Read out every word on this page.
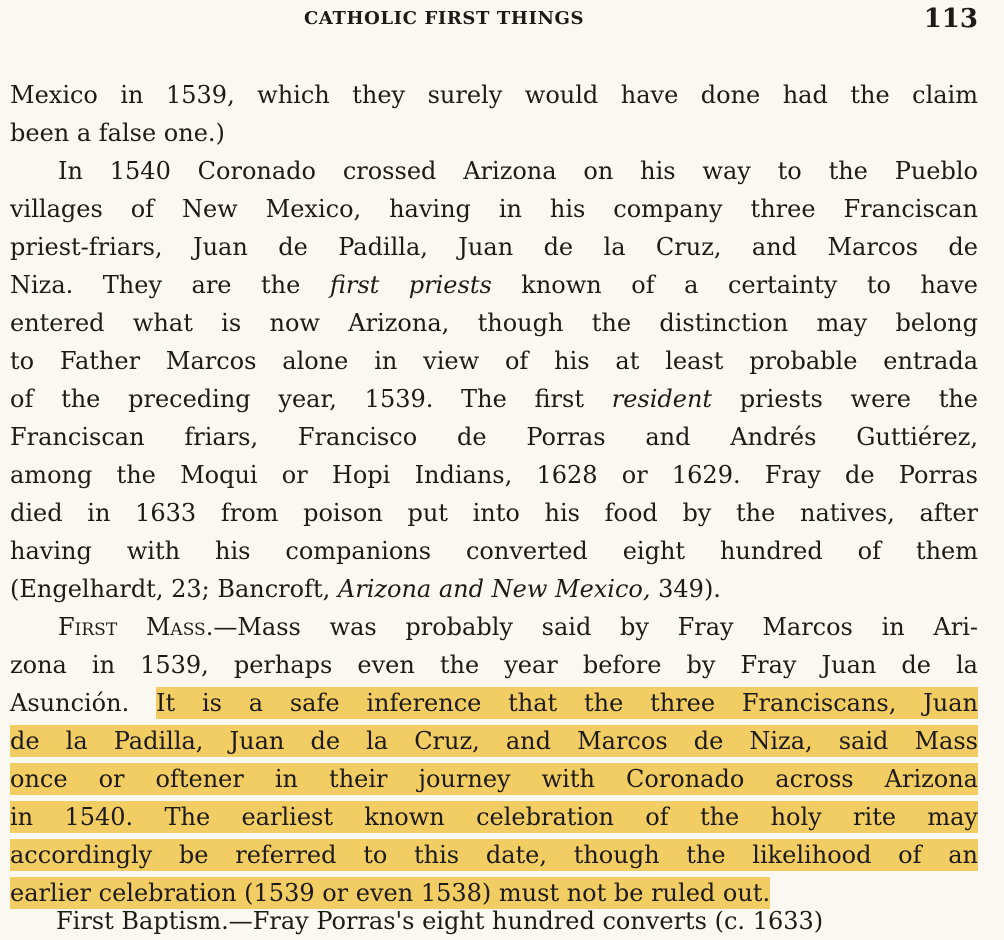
CATHOLIC FIRST THINGS	113
Mexico in 1539, which they surely would have done had the claim
been a false one.)
In 1540 Coronado crossed Arizona on his way to the Pueblo
villages of New Mexico, having in his company three Franciscan
priest-friars, Juan de Padilla, Juan de la Cruz, and Marcos de
Niza. They are the first priests known of a certainty to have
entered what is now Arizona, though the distinction may belong
to Father Marcos alone in view of his at least probable entrada
of the preceding year, 1539. The first resident priests were the
Franciscan friars, Francisco de Porras and Andrés Guttiérez,
among the Moqui or Hopi Indians, 1628 or 1629. Fray de Porras
died in 1633 from poison put into his food by the natives, after
having with his companions converted eight hundred of them
(Engelhardt, 23; Bancroft, Arizona and New Mexico, 349).
First Mass.—Mass was probably said by Fray Marcos in Ari-
zona in 1539, perhaps even the year before by Fray Juan de la
Asunción. It is a safe inference that the three Franciscans, Juan
de la Padilla, Juan de la Cruz, and Marcos de Niza, said Mass
once or oftener in their journey with Coronado across Arizona
in 1540. The earliest known celebration of the holy rite may
accordingly be referred to this date, though the likelihood of an
earlier celebration (1539 or even 1538) must not be ruled out.
First Baptism.—Fray Porras's eight hundred converts (c. 1633)
